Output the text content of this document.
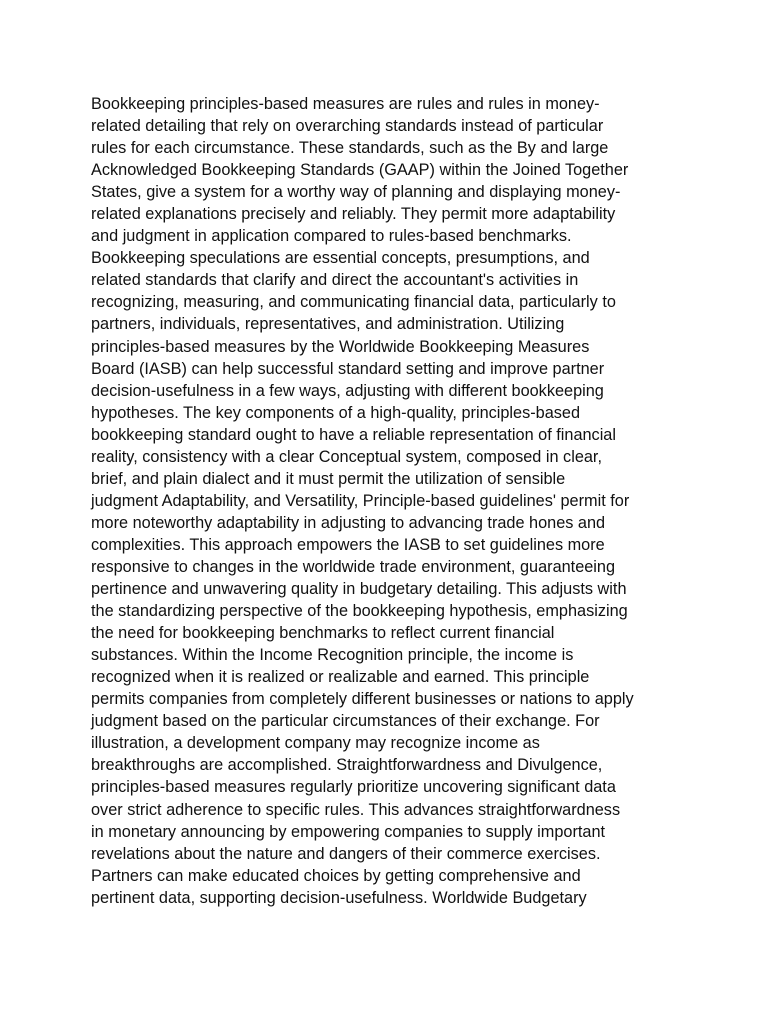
Bookkeeping principles-based measures are rules and rules in money-
related detailing that rely on overarching standards instead of particular
rules for each circumstance. These standards, such as the By and large
Acknowledged Bookkeeping Standards (GAAP) within the Joined Together
States, give a system for a worthy way of planning and displaying money-
related explanations precisely and reliably. They permit more adaptability
and judgment in application compared to rules-based benchmarks.
Bookkeeping speculations are essential concepts, presumptions, and
related standards that clarify and direct the accountant's activities in
recognizing, measuring, and communicating financial data, particularly to
partners, individuals, representatives, and administration. Utilizing
principles-based measures by the Worldwide Bookkeeping Measures
Board (IASB) can help successful standard setting and improve partner
decision-usefulness in a few ways, adjusting with different bookkeeping
hypotheses. The key components of a high-quality, principles-based
bookkeeping standard ought to have a reliable representation of financial
reality, consistency with a clear Conceptual system, composed in clear,
brief, and plain dialect and it must permit the utilization of sensible
judgment Adaptability, and Versatility, Principle-based guidelines' permit for
more noteworthy adaptability in adjusting to advancing trade hones and
complexities. This approach empowers the IASB to set guidelines more
responsive to changes in the worldwide trade environment, guaranteeing
pertinence and unwavering quality in budgetary detailing. This adjusts with
the standardizing perspective of the bookkeeping hypothesis, emphasizing
the need for bookkeeping benchmarks to reflect current financial
substances. Within the Income Recognition principle, the income is
recognized when it is realized or realizable and earned. This principle
permits companies from completely different businesses or nations to apply
judgment based on the particular circumstances of their exchange. For
illustration, a development company may recognize income as
breakthroughs are accomplished. Straightforwardness and Divulgence,
principles-based measures regularly prioritize uncovering significant data
over strict adherence to specific rules. This advances straightforwardness
in monetary announcing by empowering companies to supply important
revelations about the nature and dangers of their commerce exercises.
Partners can make educated choices by getting comprehensive and
pertinent data, supporting decision-usefulness. Worldwide Budgetary
